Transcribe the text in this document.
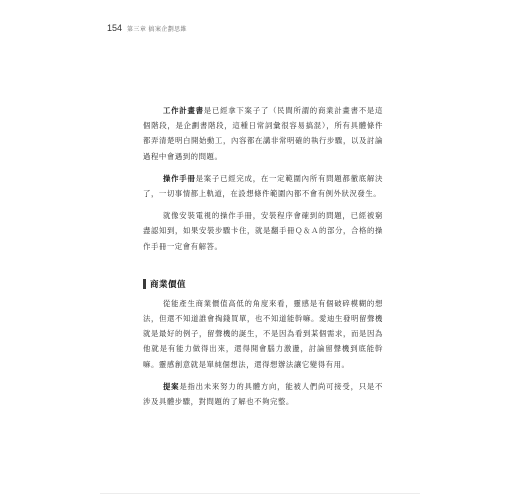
154 第三章 搞案企劃思維

工作計畫書是已經拿下案子了（民間所謂的商業計畫書不是這個階段，是企劃書階段，這種日常詞彙很容易搞混），所有具體條件都弄清楚明白開始動工，內容都在講非常明確的執行步驟，以及討論過程中會遇到的問題。

操作手冊是案子已經完成，在一定範圍內所有問題都徹底解決了，一切事情都上軌道，在設想條件範圍內都不會有例外狀況發生。

就像安裝電視的操作手冊，安裝程序會確到的問題，已經被窮盡認知到，如果安裝步驟卡住，就是翻手冊Ｑ＆Ａ的部分，合格的操作手冊一定會有解答。

商業價值

從能產生商業價值高低的角度來看，靈感是有個破碎模糊的想法，但還不知道誰會掏錢買單，也不知道能幹嘛。愛迪生發明留聲機就是最好的例子，留聲機的誕生，不是因為看到某個需求，而是因為他就是有能力做得出來，還得開會腦力激盪，討論留聲機到底能幹嘛。靈感創意就是單純個想法，還得想辦法讓它變得有用。

提案是指出未來努力的具體方向，能被人們尚可接受，只是不涉及具體步驟，對問題的了解也不夠完整。
